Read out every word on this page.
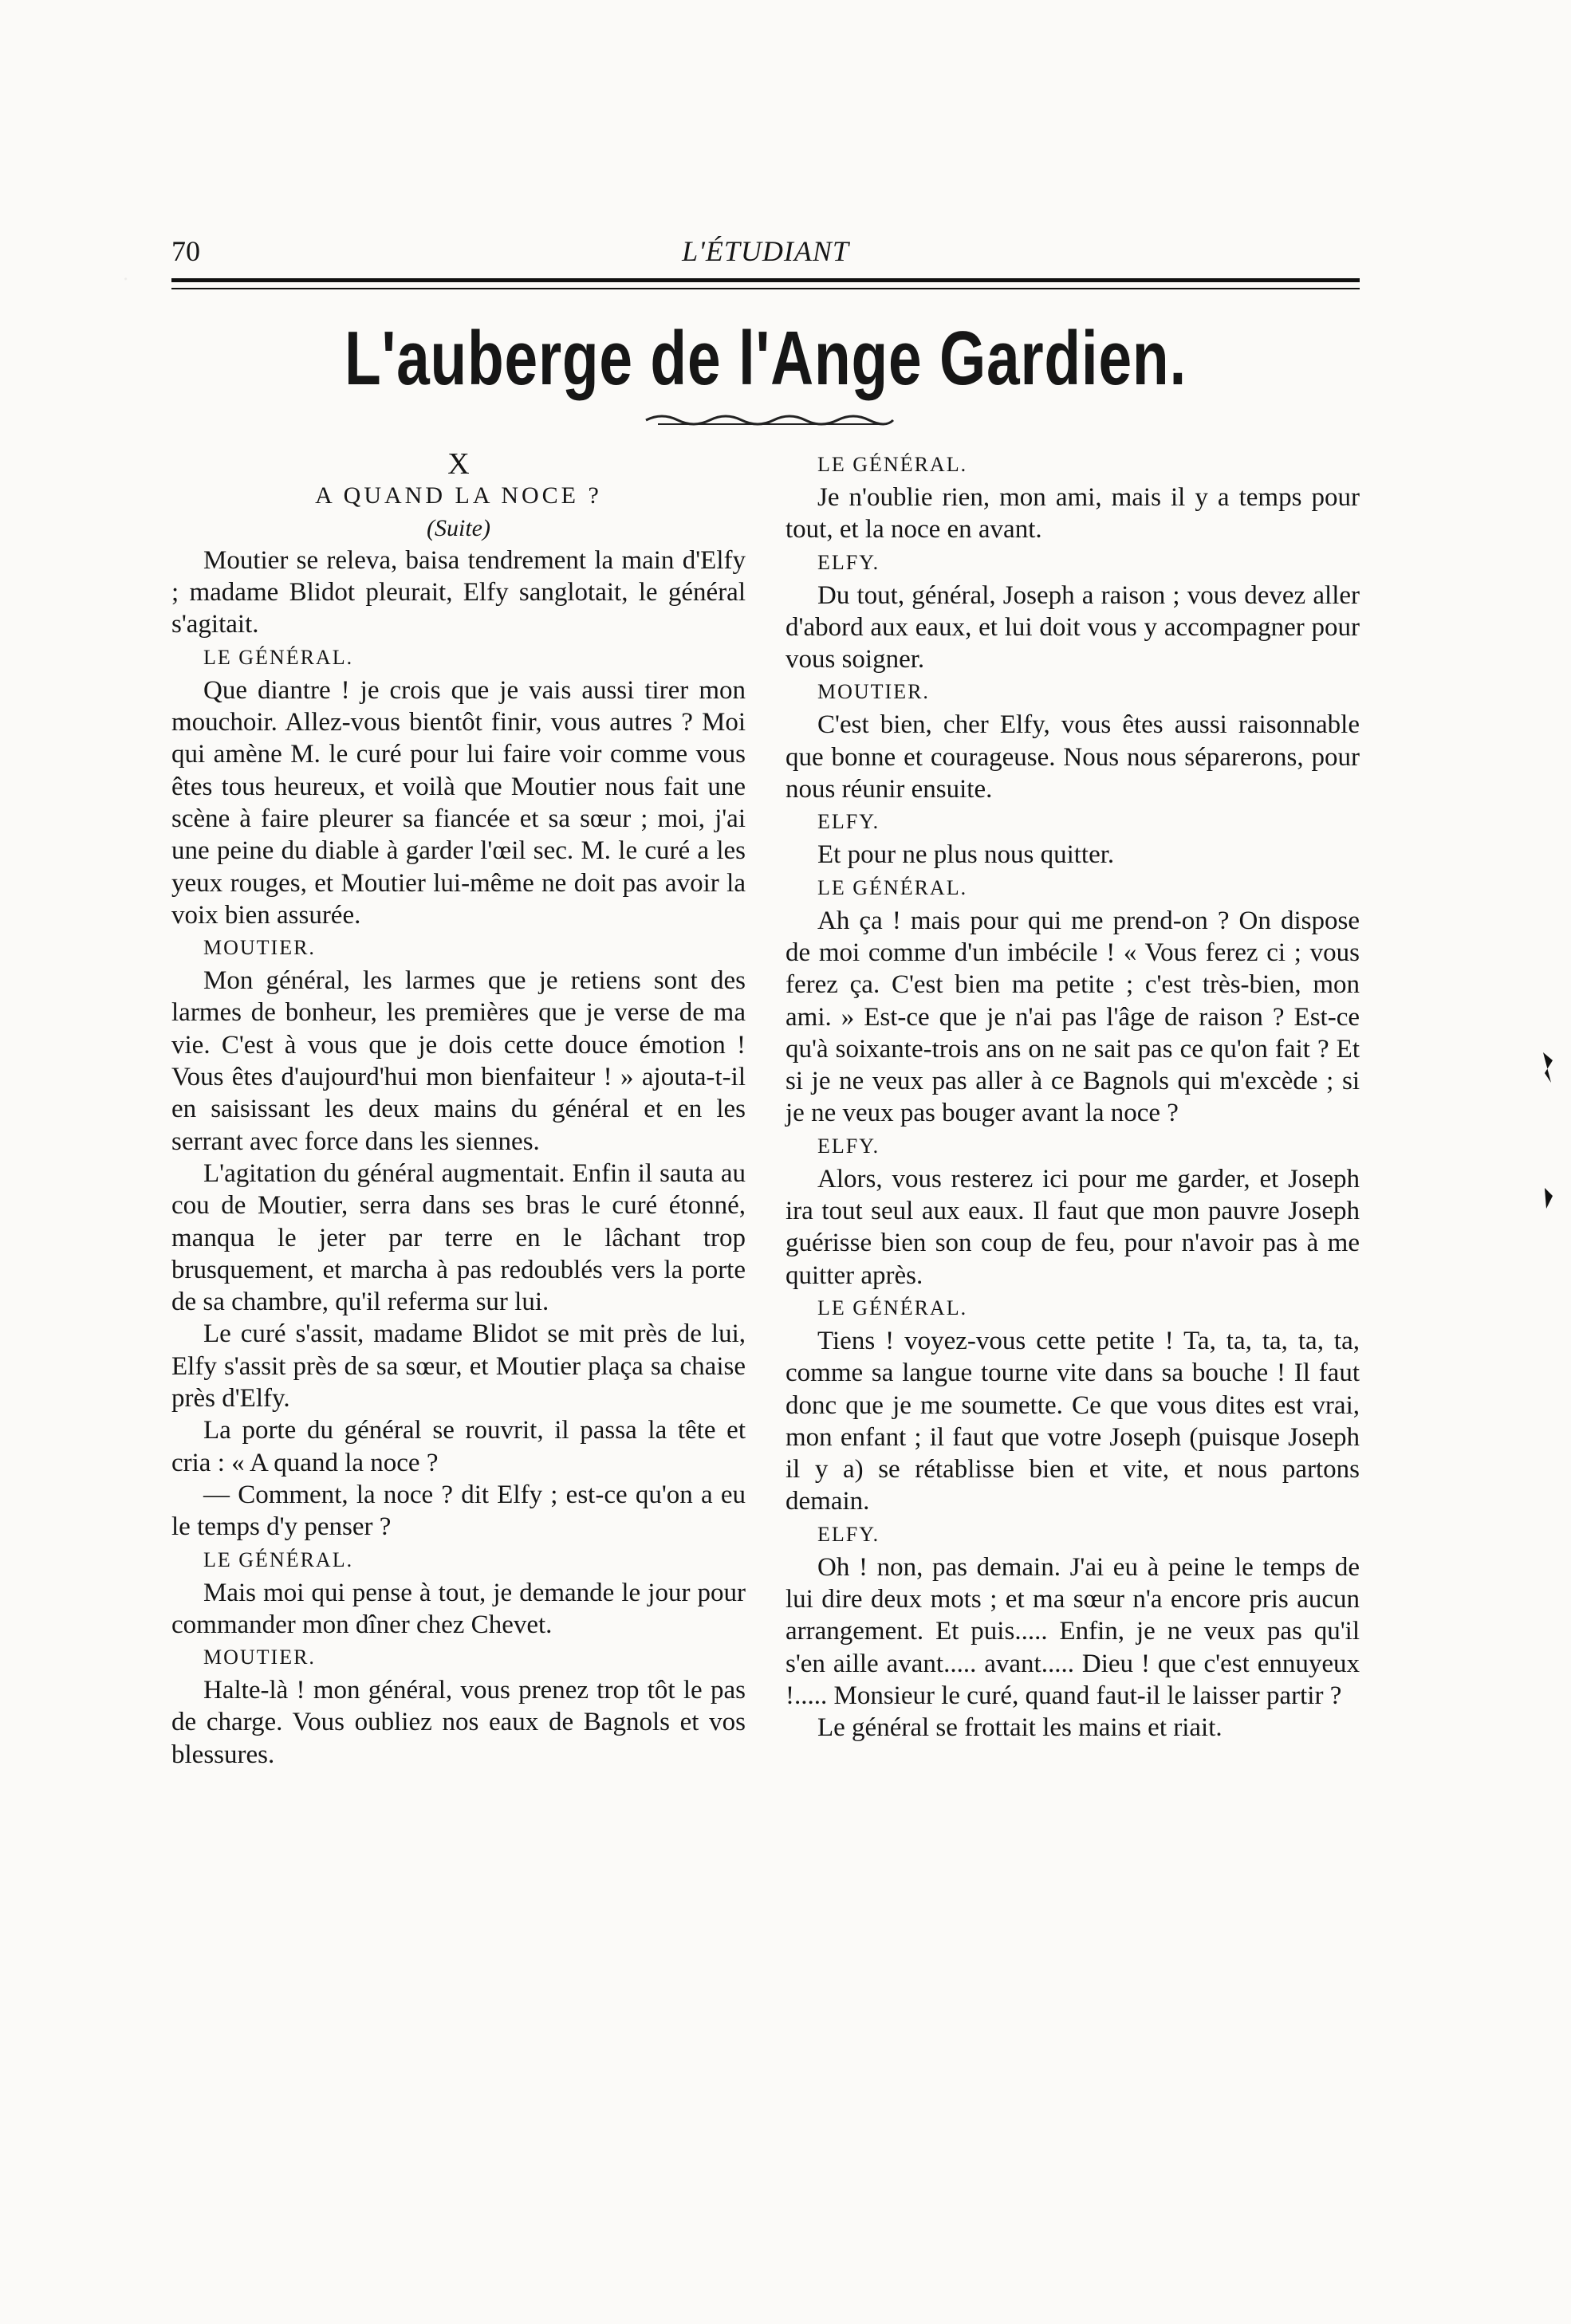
70	L'ÉTUDIANT
L'auberge de l'Ange Gardien.

X

A QUAND LA NOCE ?

(Suite)

Moutier se releva, baisa tendrement la main d'Elfy ; madame Blidot pleurait, Elfy sanglotait, le général s'agitait.

LE GÉNÉRAL.

Que diantre ! je crois que je vais aussi tirer mon mouchoir. Allez-vous bientôt finir, vous autres ? Moi qui amène M. le curé pour lui faire voir comme vous êtes tous heureux, et voilà que Moutier nous fait une scène à faire pleurer sa fiancée et sa sœur ; moi, j'ai une peine du diable à garder l'œil sec. M. le curé a les yeux rouges, et Moutier lui-même ne doit pas avoir la voix bien assurée.

MOUTIER.

Mon général, les larmes que je retiens sont des larmes de bonheur, les premières que je verse de ma vie. C'est à vous que je dois cette douce émotion ! Vous êtes d'aujourd'hui mon bienfaiteur ! » ajouta-t-il en saisissant les deux mains du général et en les serrant avec force dans les siennes.

L'agitation du général augmentait. Enfin il sauta au cou de Moutier, serra dans ses bras le curé étonné, manqua le jeter par terre en le lâchant trop brusquement, et marcha à pas redoublés vers la porte de sa chambre, qu'il referma sur lui.

Le curé s'assit, madame Blidot se mit près de lui, Elfy s'assit près de sa sœur, et Moutier plaça sa chaise près d'Elfy.

La porte du général se rouvrit, il passa la tête et cria : « A quand la noce ?

— Comment, la noce ? dit Elfy ; est-ce qu'on a eu le temps d'y penser ?

LE GÉNÉRAL.

Mais moi qui pense à tout, je demande le jour pour commander mon dîner chez Chevet.

MOUTIER.

Halte-là ! mon général, vous prenez trop tôt le pas de charge. Vous oubliez nos eaux de Bagnols et vos blessures.

LE GÉNÉRAL.

Je n'oublie rien, mon ami, mais il y a temps pour tout, et la noce en avant.

ELFY.

Du tout, général, Joseph a raison ; vous devez aller d'abord aux eaux, et lui doit vous y accompagner pour vous soigner.

MOUTIER.

C'est bien, cher Elfy, vous êtes aussi raisonnable que bonne et courageuse. Nous nous séparerons, pour nous réunir ensuite.

ELFY.

Et pour ne plus nous quitter.

LE GÉNÉRAL.

Ah ça ! mais pour qui me prend-on ? On dispose de moi comme d'un imbécile ! « Vous ferez ci ; vous ferez ça. C'est bien ma petite ; c'est très-bien, mon ami. » Est-ce que je n'ai pas l'âge de raison ? Est-ce qu'à soixante-trois ans on ne sait pas ce qu'on fait ? Et si je ne veux pas aller à ce Bagnols qui m'excède ; si je ne veux pas bouger avant la noce ?

ELFY.

Alors, vous resterez ici pour me garder, et Joseph ira tout seul aux eaux. Il faut que mon pauvre Joseph guérisse bien son coup de feu, pour n'avoir pas à me quitter après.

LE GÉNÉRAL.

Tiens ! voyez-vous cette petite ! Ta, ta, ta, ta, ta, comme sa langue tourne vite dans sa bouche ! Il faut donc que je me soumette. Ce que vous dites est vrai, mon enfant ; il faut que votre Joseph (puisque Joseph il y a) se rétablisse bien et vite, et nous partons demain.

ELFY.

Oh ! non, pas demain. J'ai eu à peine le temps de lui dire deux mots ; et ma sœur n'a encore pris aucun arrangement. Et puis..... Enfin, je ne veux pas qu'il s'en aille avant..... avant..... Dieu ! que c'est ennuyeux !..... Monsieur le curé, quand faut-il le laisser partir ?

Le général se frottait les mains et riait.
